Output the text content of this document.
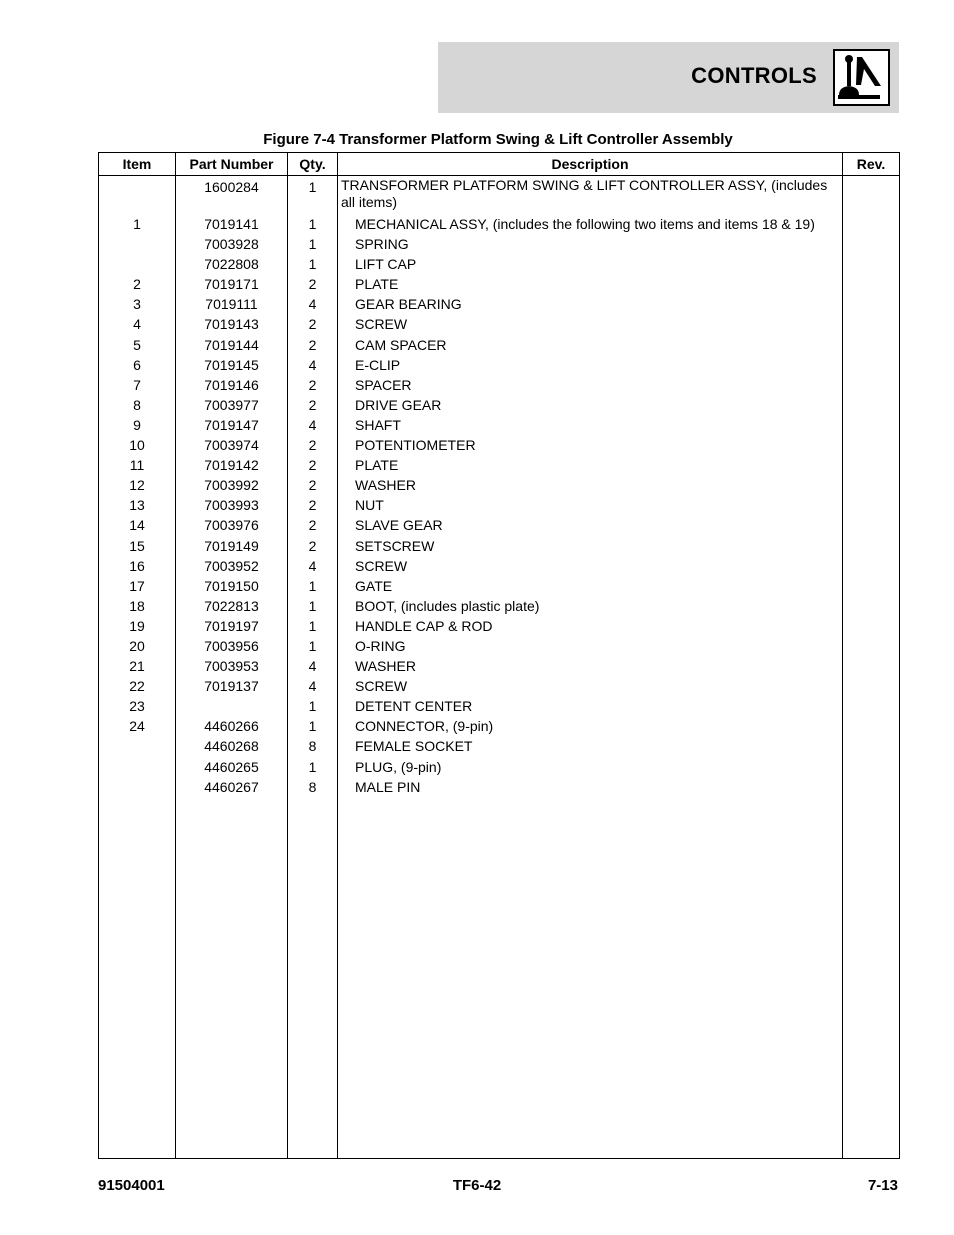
CONTROLS
Figure 7-4 Transformer Platform Swing & Lift Controller Assembly
Item	Part Number	Qty.	Description	Rev.
	1600284	1	TRANSFORMER PLATFORM SWING & LIFT CONTROLLER ASSY, (includes all items)	
1	7019141	1	MECHANICAL ASSY, (includes the following two items and items 18 & 19)	
	7003928	1	SPRING	
	7022808	1	LIFT CAP	
2	7019171	2	PLATE	
3	7019111	4	GEAR BEARING	
4	7019143	2	SCREW	
5	7019144	2	CAM SPACER	
6	7019145	4	E-CLIP	
7	7019146	2	SPACER	
8	7003977	2	DRIVE GEAR	
9	7019147	4	SHAFT	
10	7003974	2	POTENTIOMETER	
11	7019142	2	PLATE	
12	7003992	2	WASHER	
13	7003993	2	NUT	
14	7003976	2	SLAVE GEAR	
15	7019149	2	SETSCREW	
16	7003952	4	SCREW	
17	7019150	1	GATE	
18	7022813	1	BOOT, (includes plastic plate)	
19	7019197	1	HANDLE CAP & ROD	
20	7003956	1	O-RING	
21	7003953	4	WASHER	
22	7019137	4	SCREW	
23		1	DETENT CENTER	
24	4460266	1	CONNECTOR, (9-pin)	
	4460268	8	FEMALE SOCKET	
	4460265	1	PLUG, (9-pin)	
	4460267	8	MALE PIN	

91504001	TF6-42	7-13
